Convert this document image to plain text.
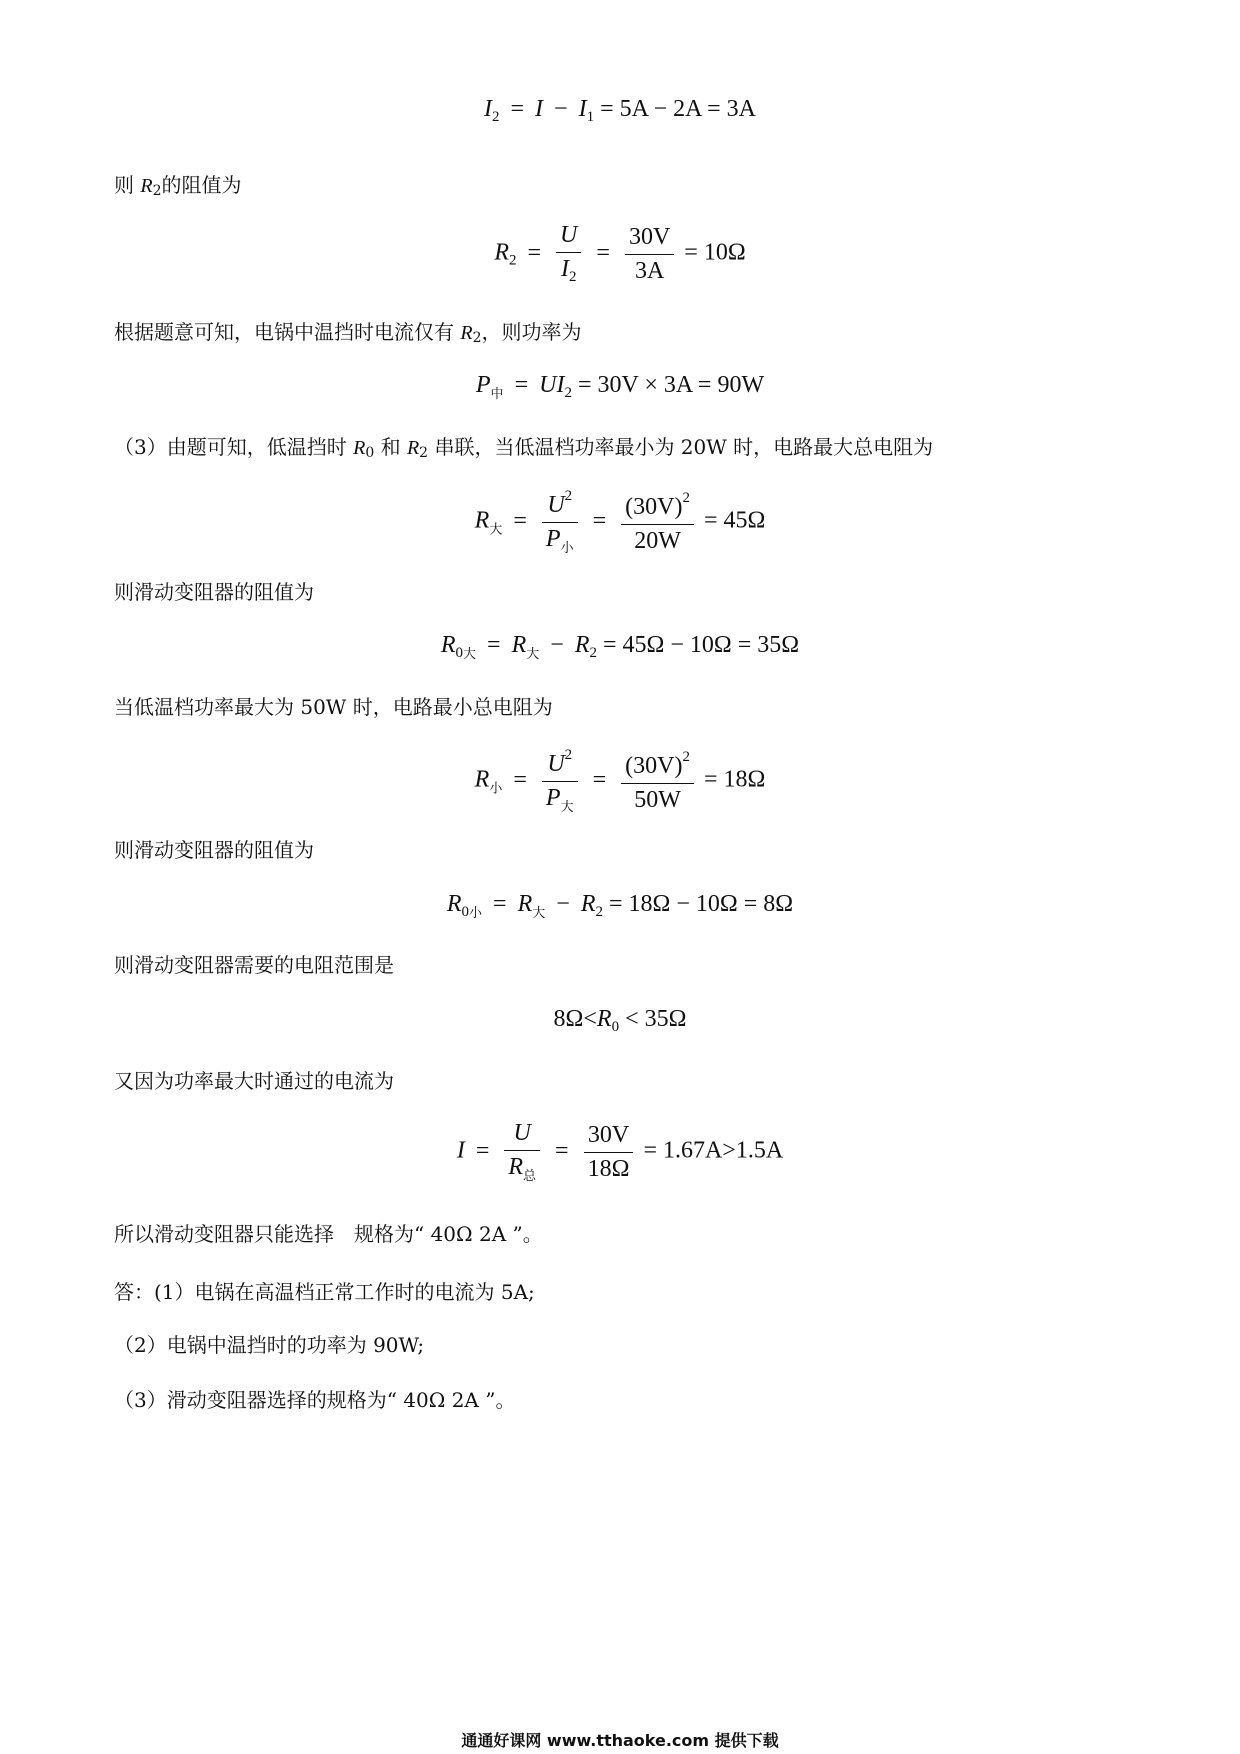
$I_2 = I - I_1 = 5A - 2A = 3A$
则 R2的阻值为
$R_2 = \frac{U}{I_2} = \frac{30V}{3A} = 10\Omega$
根据题意可知，电锅中温挡时电流仅有 R2，则功率为
$P_中 = UI_2 = 30V \times 3A = 90W$
（3）由题可知，低温挡时 R0 和 R2 串联，当低温档功率最小为 20W 时，电路最大总电阻为
$R_大 = \frac{U^2}{P_小} = \frac{(30V)^2}{20W} = 45\Omega$
则滑动变阻器的阻值为
$R_{0大} = R_大 - R_2 = 45\Omega - 10\Omega = 35\Omega$
当低温档功率最大为 50W 时，电路最小总电阻为
$R_小 = \frac{U^2}{P_大} = \frac{(30V)^2}{50W} = 18\Omega$
则滑动变阻器的阻值为
$R_{0小} = R_大 - R_2 = 18\Omega - 10\Omega = 8\Omega$
则滑动变阻器需要的电阻范围是
$8\Omega<R_0 < 35\Omega$
又因为功率最大时通过的电流为
$I = \frac{U}{R_总} = \frac{30V}{18\Omega} = 1.67A>1.5A$
所以滑动变阻器只能选择　规格为“ 40Ω 2A ”。
答：(1）电锅在高温档正常工作时的电流为 5A;
（2）电锅中温挡时的功率为 90W;
（3）滑动变阻器选择的规格为“ 40Ω 2A ”。
通通好课网 www.tthaoke.com 提供下载
